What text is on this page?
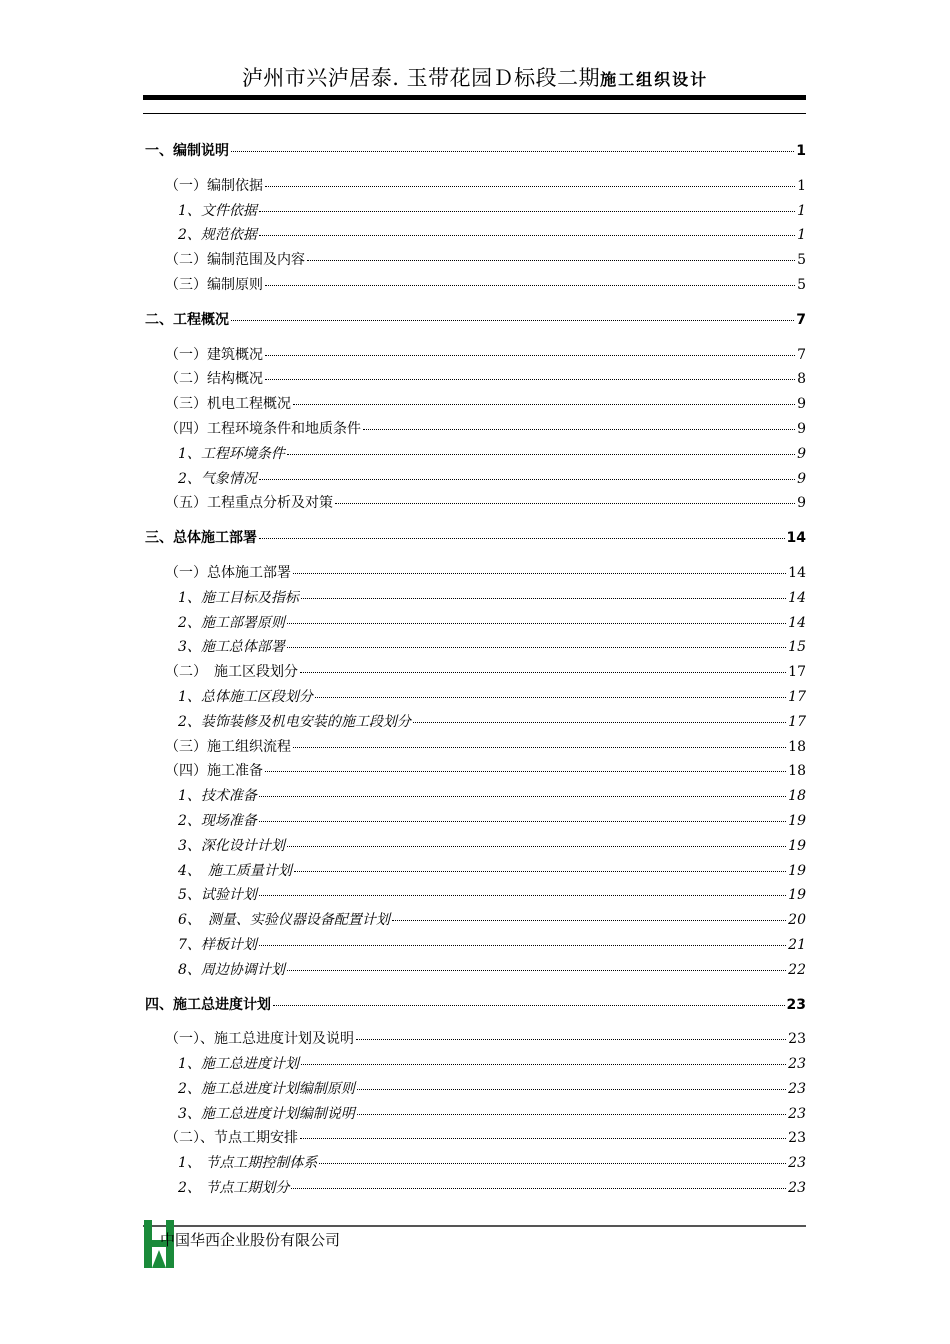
泸州市兴泸居泰. 玉带花园Ｄ标段二期施工组织设计
一、编制说明	1
（一）编制依据	1
1、文件依据	1
2、规范依据	1
（二）编制范围及内容	5
（三）编制原则	5
二、工程概况	7
（一）建筑概况	7
（二）结构概况	8
（三）机电工程概况	9
（四）工程环境条件和地质条件	9
1、工程环境条件	9
2、气象情况	9
（五）工程重点分析及对策	9
三、总体施工部署	14
（一）总体施工部署	14
1、施工目标及指标	14
2、施工部署原则	14
3、施工总体部署	15
（二）　施工区段划分	17
1、总体施工区段划分	17
2、装饰装修及机电安装的施工段划分	17
（三）施工组织流程	18
（四）施工准备	18
1、技术准备	18
2、现场准备	19
3、深化设计计划	19
4、　施工质量计划	19
5、试验计划	19
6、　测量、实验仪器设备配置计划	20
7、样板计划	21
8、周边协调计划	22
四、施工总进度计划	23
（一）、施工总进度计划及说明	23
1、施工总进度计划	23
2、施工总进度计划编制原则	23
3、施工总进度计划编制说明	23
（二）、节点工期安排	23
1、 节点工期控制体系	23
2、 节点工期划分	23
中国华西企业股份有限公司
